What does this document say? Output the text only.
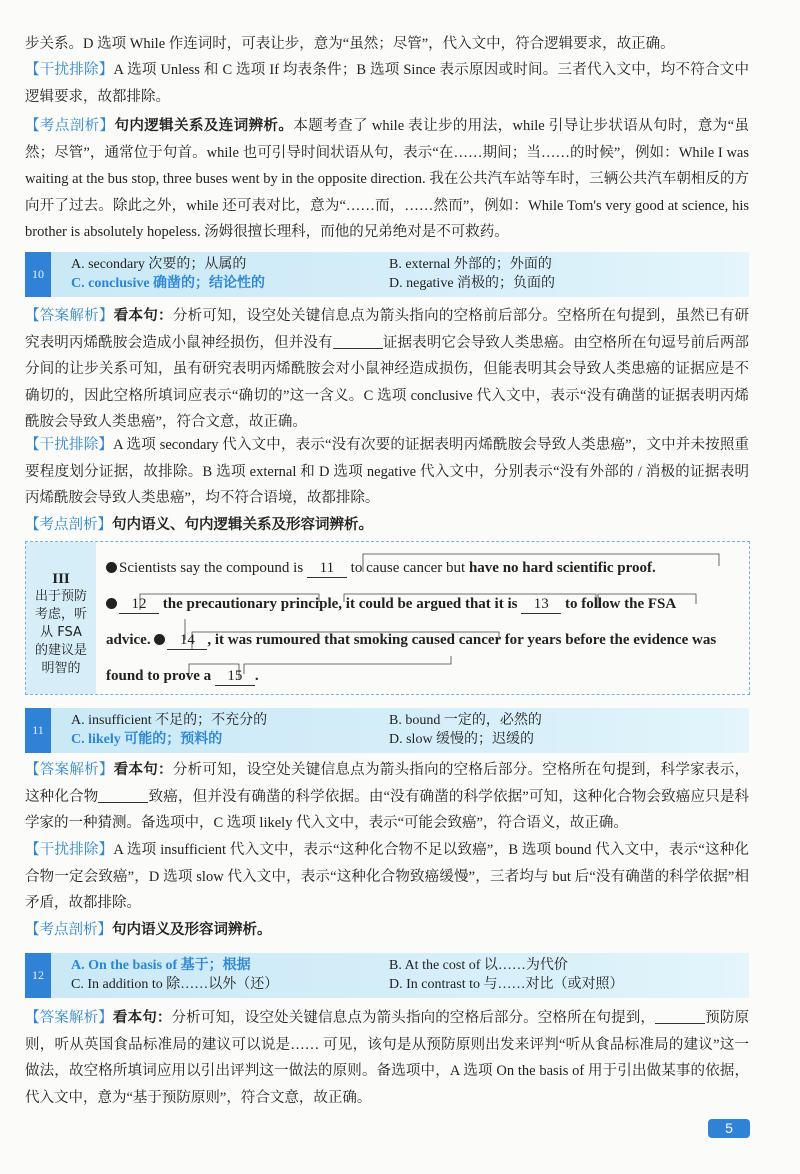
步关系。D 选项 While 作连词时，可表让步，意为“虽然；尽管”，代入文中，符合逻辑要求，故正确。
【干扰排除】A 选项 Unless 和 C 选项 If 均表条件；B 选项 Since 表示原因或时间。三者代入文中，均不符合文中逻辑要求，故都排除。
【考点剖析】句内逻辑关系及连词辨析。本题考查了 while 表让步的用法，while 引导让步状语从句时，意为“虽然；尽管”，通常位于句首。while 也可引导时间状语从句，表示“在……期间；当……的时候”，例如：While I was waiting at the bus stop, three buses went by in the opposite direction. 我在公共汽车站等车时，三辆公共汽车朝相反的方向开了过去。除此之外，while 还可表对比，意为“……而，……然而”，例如：While Tom's very good at science, his brother is absolutely hopeless. 汤姆很擅长理科，而他的兄弟绝对是不可救药。
10
A. secondary 次要的；从属的	B. external 外部的；外面的
C. conclusive 确凿的；结论性的	D. negative 消极的；负面的
【答案解析】看本句：分析可知，设空处关键信息点为箭头指向的空格前后部分。空格所在句提到，虽然已有研究表明丙烯酰胺会造成小鼠神经损伤，但并没有	证据表明它会导致人类患癌。由空格所在句逗号前后两部分间的让步关系可知，虽有研究表明丙烯酰胺会对小鼠神经造成损伤，但能表明其会导致人类患癌的证据应是不确切的，因此空格所填词应表示“确切的”这一含义。C 选项 conclusive 代入文中，表示“没有确凿的证据表明丙烯酰胺会导致人类患癌”，符合文意，故正确。
【干扰排除】A 选项 secondary 代入文中，表示“没有次要的证据表明丙烯酰胺会导致人类患癌”，文中并未按照重要程度划分证据，故排除。B 选项 external 和 D 选项 negative 代入文中，分别表示“没有外部的 / 消极的证据表明丙烯酰胺会导致人类患癌”，均不符合语境，故都排除。
【考点剖析】句内语义、句内逻辑关系及形容词辨析。
III
出于预防考虑，听从 FSA 的建议是明智的
Scientists say the compound is 11 to cause cancer but have no hard scientific proof.
12 the precautionary principle, it could be argued that it is 13 to follow the FSA
advice. 14 , it was rumoured that smoking caused cancer for years before the evidence was
found to prove a 15 .
11
A. insufficient 不足的；不充分的	B. bound 一定的，必然的
C. likely 可能的；预料的	D. slow 缓慢的；迟缓的
【答案解析】看本句：分析可知，设空处关键信息点为箭头指向的空格后部分。空格所在句提到，科学家表示，这种化合物	致癌，但并没有确凿的科学依据。由“没有确凿的科学依据”可知，这种化合物会致癌应只是科学家的一种猜测。备选项中，C 选项 likely 代入文中，表示“可能会致癌”，符合语义，故正确。
【干扰排除】A 选项 insufficient 代入文中，表示“这种化合物不足以致癌”，B 选项 bound 代入文中，表示“这种化合物一定会致癌”，D 选项 slow 代入文中，表示“这种化合物致癌缓慢”，三者均与 but 后“没有确凿的科学依据”相矛盾，故都排除。
【考点剖析】句内语义及形容词辨析。
12
A. On the basis of 基于；根据	B. At the cost of 以……为代价
C. In addition to 除……以外（还）	D. In contrast to 与……对比（或对照）
【答案解析】看本句：分析可知，设空处关键信息点为箭头指向的空格后部分。空格所在句提到，	预防原则，听从英国食品标准局的建议可以说是…… 可见，该句是从预防原则出发来评判“听从食品标准局的建议”这一做法，故空格所填词应用以引出评判这一做法的原则。备选项中，A 选项 On the basis of 用于引出做某事的依据，代入文中，意为“基于预防原则”，符合文意，故正确。
5
